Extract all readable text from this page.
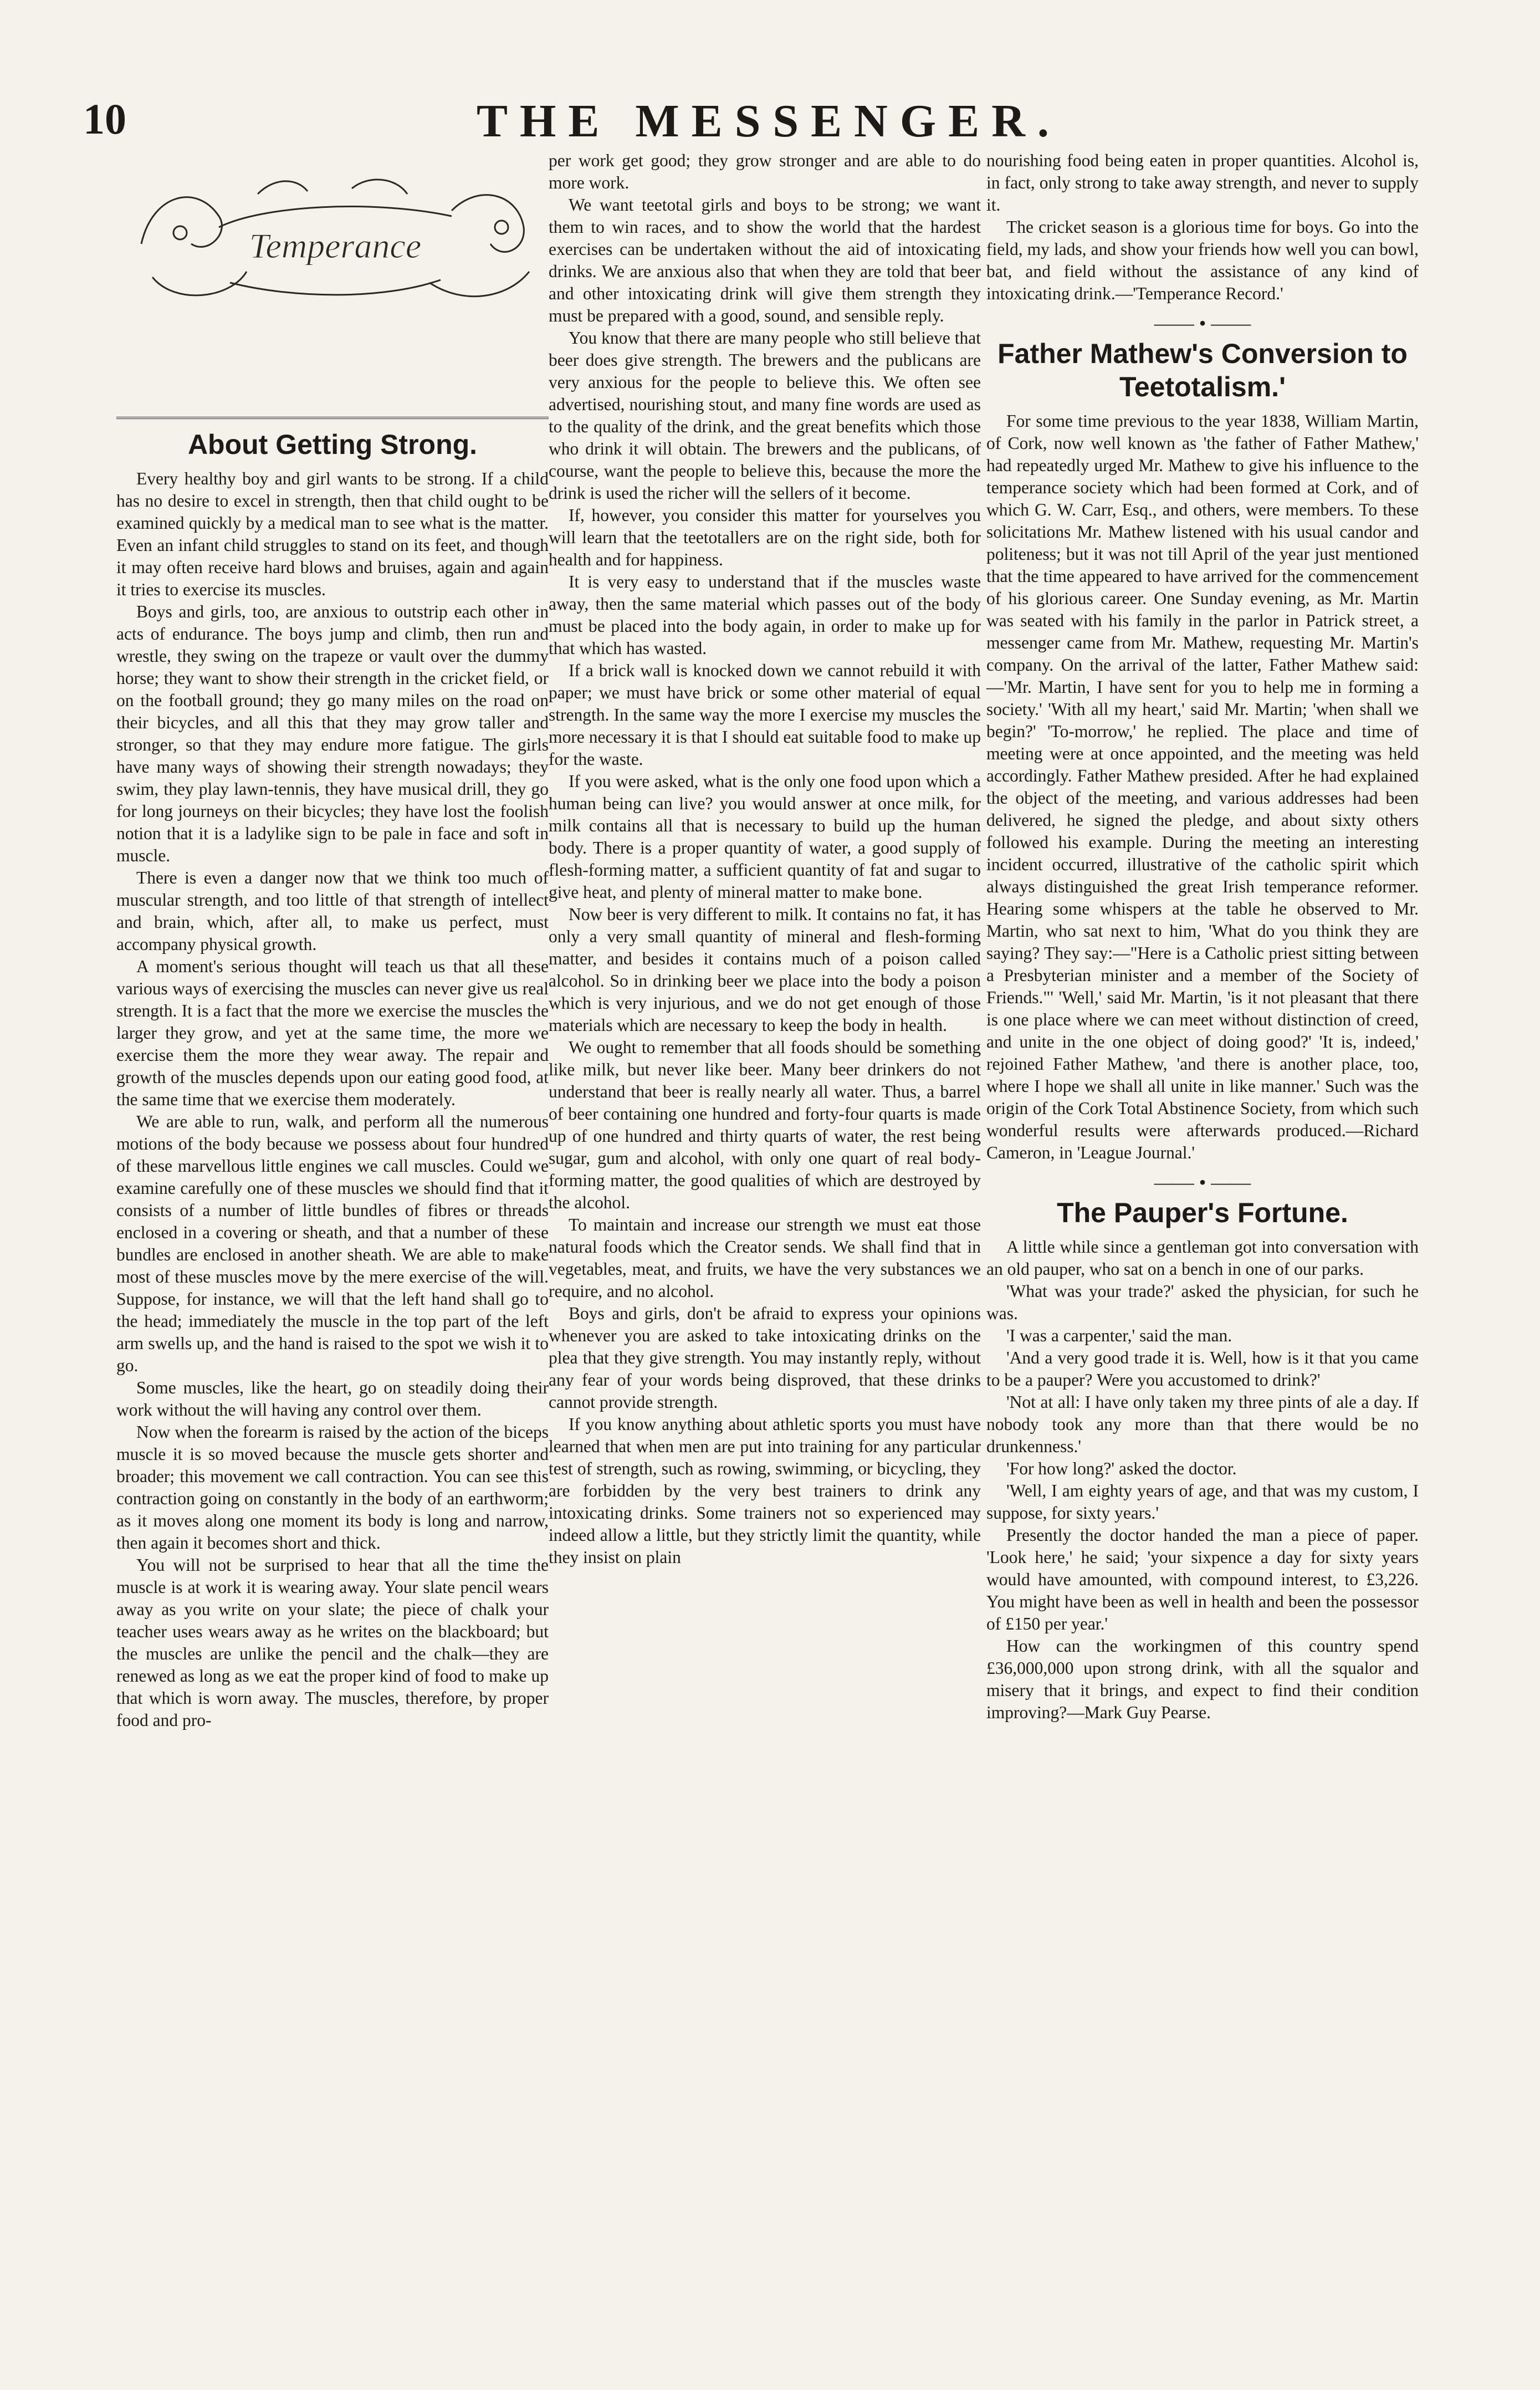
10	THE MESSENGER.
Temperance
About Getting Strong.

Every healthy boy and girl wants to be strong. If a child has no desire to excel in strength, then that child ought to be examined quickly by a medical man to see what is the matter. Even an infant child struggles to stand on its feet, and though it may often receive hard blows and bruises, again and again it tries to exercise its muscles.

Boys and girls, too, are anxious to outstrip each other in acts of endurance. The boys jump and climb, then run and wrestle, they swing on the trapeze or vault over the dummy horse; they want to show their strength in the cricket field, or on the football ground; they go many miles on the road on their bicycles, and all this that they may grow taller and stronger, so that they may endure more fatigue. The girls have many ways of showing their strength nowadays; they swim, they play lawn-tennis, they have musical drill, they go for long journeys on their bicycles; they have lost the foolish notion that it is a ladylike sign to be pale in face and soft in muscle.

There is even a danger now that we think too much of muscular strength, and too little of that strength of intellect and brain, which, after all, to make us perfect, must accompany physical growth.

A moment's serious thought will teach us that all these various ways of exercising the muscles can never give us real strength. It is a fact that the more we exercise the muscles the larger they grow, and yet at the same time, the more we exercise them the more they wear away. The repair and growth of the muscles depends upon our eating good food, at the same time that we exercise them moderately.

We are able to run, walk, and perform all the numerous motions of the body because we possess about four hundred of these marvellous little engines we call muscles. Could we examine carefully one of these muscles we should find that it consists of a number of little bundles of fibres or threads enclosed in a covering or sheath, and that a number of these bundles are enclosed in another sheath. We are able to make most of these muscles move by the mere exercise of the will. Suppose, for instance, we will that the left hand shall go to the head; immediately the muscle in the top part of the left arm swells up, and the hand is raised to the spot we wish it to go.

Some muscles, like the heart, go on steadily doing their work without the will having any control over them.

Now when the forearm is raised by the action of the biceps muscle it is so moved because the muscle gets shorter and broader; this movement we call contraction. You can see this contraction going on constantly in the body of an earthworm; as it moves along one moment its body is long and narrow, then again it becomes short and thick.

You will not be surprised to hear that all the time the muscle is at work it is wearing away. Your slate pencil wears away as you write on your slate; the piece of chalk your teacher uses wears away as he writes on the blackboard; but the muscles are unlike the pencil and the chalk—they are renewed as long as we eat the proper kind of food to make up that which is worn away. The muscles, therefore, by proper food and pro-

per work get good; they grow stronger and are able to do more work.

We want teetotal girls and boys to be strong; we want them to win races, and to show the world that the hardest exercises can be undertaken without the aid of intoxicating drinks. We are anxious also that when they are told that beer and other intoxicating drink will give them strength they must be prepared with a good, sound, and sensible reply.

You know that there are many people who still believe that beer does give strength. The brewers and the publicans are very anxious for the people to believe this. We often see advertised, nourishing stout, and many fine words are used as to the quality of the drink, and the great benefits which those who drink it will obtain. The brewers and the publicans, of course, want the people to believe this, because the more the drink is used the richer will the sellers of it become.

If, however, you consider this matter for yourselves you will learn that the teetotallers are on the right side, both for health and for happiness.

It is very easy to understand that if the muscles waste away, then the same material which passes out of the body must be placed into the body again, in order to make up for that which has wasted.

If a brick wall is knocked down we cannot rebuild it with paper; we must have brick or some other material of equal strength. In the same way the more I exercise my muscles the more necessary it is that I should eat suitable food to make up for the waste.

If you were asked, what is the only one food upon which a human being can live? you would answer at once milk, for milk contains all that is necessary to build up the human body. There is a proper quantity of water, a good supply of flesh-forming matter, a sufficient quantity of fat and sugar to give heat, and plenty of mineral matter to make bone.

Now beer is very different to milk. It contains no fat, it has only a very small quantity of mineral and flesh-forming matter, and besides it contains much of a poison called alcohol. So in drinking beer we place into the body a poison which is very injurious, and we do not get enough of those materials which are necessary to keep the body in health.

We ought to remember that all foods should be something like milk, but never like beer. Many beer drinkers do not understand that beer is really nearly all water. Thus, a barrel of beer containing one hundred and forty-four quarts is made up of one hundred and thirty quarts of water, the rest being sugar, gum and alcohol, with only one quart of real body-forming matter, the good qualities of which are destroyed by the alcohol.

To maintain and increase our strength we must eat those natural foods which the Creator sends. We shall find that in vegetables, meat, and fruits, we have the very substances we require, and no alcohol.

Boys and girls, don't be afraid to express your opinions whenever you are asked to take intoxicating drinks on the plea that they give strength. You may instantly reply, without any fear of your words being disproved, that these drinks cannot provide strength.

If you know anything about athletic sports you must have learned that when men are put into training for any particular test of strength, such as rowing, swimming, or bicycling, they are forbidden by the very best trainers to drink any intoxicating drinks. Some trainers not so experienced may indeed allow a little, but they strictly limit the quantity, while they insist on plain

nourishing food being eaten in proper quantities. Alcohol is, in fact, only strong to take away strength, and never to supply it.

The cricket season is a glorious time for boys. Go into the field, my lads, and show your friends how well you can bowl, bat, and field without the assistance of any kind of intoxicating drink.—'Temperance Record.'

—— • ——
Father Mathew's Conversion to Teetotalism.'

For some time previous to the year 1838, William Martin, of Cork, now well known as 'the father of Father Mathew,' had repeatedly urged Mr. Mathew to give his influence to the temperance society which had been formed at Cork, and of which G. W. Carr, Esq., and others, were members. To these solicitations Mr. Mathew listened with his usual candor and politeness; but it was not till April of the year just mentioned that the time appeared to have arrived for the commencement of his glorious career. One Sunday evening, as Mr. Martin was seated with his family in the parlor in Patrick street, a messenger came from Mr. Mathew, requesting Mr. Martin's company. On the arrival of the latter, Father Mathew said:—'Mr. Martin, I have sent for you to help me in forming a society.' 'With all my heart,' said Mr. Martin; 'when shall we begin?' 'To-morrow,' he replied. The place and time of meeting were at once appointed, and the meeting was held accordingly. Father Mathew presided. After he had explained the object of the meeting, and various addresses had been delivered, he signed the pledge, and about sixty others followed his example. During the meeting an interesting incident occurred, illustrative of the catholic spirit which always distinguished the great Irish temperance reformer. Hearing some whispers at the table he observed to Mr. Martin, who sat next to him, 'What do you think they are saying? They say:—"Here is a Catholic priest sitting between a Presbyterian minister and a member of the Society of Friends."' 'Well,' said Mr. Martin, 'is it not pleasant that there is one place where we can meet without distinction of creed, and unite in the one object of doing good?' 'It is, indeed,' rejoined Father Mathew, 'and there is another place, too, where I hope we shall all unite in like manner.' Such was the origin of the Cork Total Abstinence Society, from which such wonderful results were afterwards produced.—Richard Cameron, in 'League Journal.'

—— • ——
The Pauper's Fortune.

A little while since a gentleman got into conversation with an old pauper, who sat on a bench in one of our parks.

'What was your trade?' asked the physician, for such he was.

'I was a carpenter,' said the man.

'And a very good trade it is. Well, how is it that you came to be a pauper? Were you accustomed to drink?'

'Not at all: I have only taken my three pints of ale a day. If nobody took any more than that there would be no drunkenness.'

'For how long?' asked the doctor.

'Well, I am eighty years of age, and that was my custom, I suppose, for sixty years.'

Presently the doctor handed the man a piece of paper. 'Look here,' he said; 'your sixpence a day for sixty years would have amounted, with compound interest, to £3,226. You might have been as well in health and been the possessor of £150 per year.'

How can the workingmen of this country spend £36,000,000 upon strong drink, with all the squalor and misery that it brings, and expect to find their condition improving?—Mark Guy Pearse.
